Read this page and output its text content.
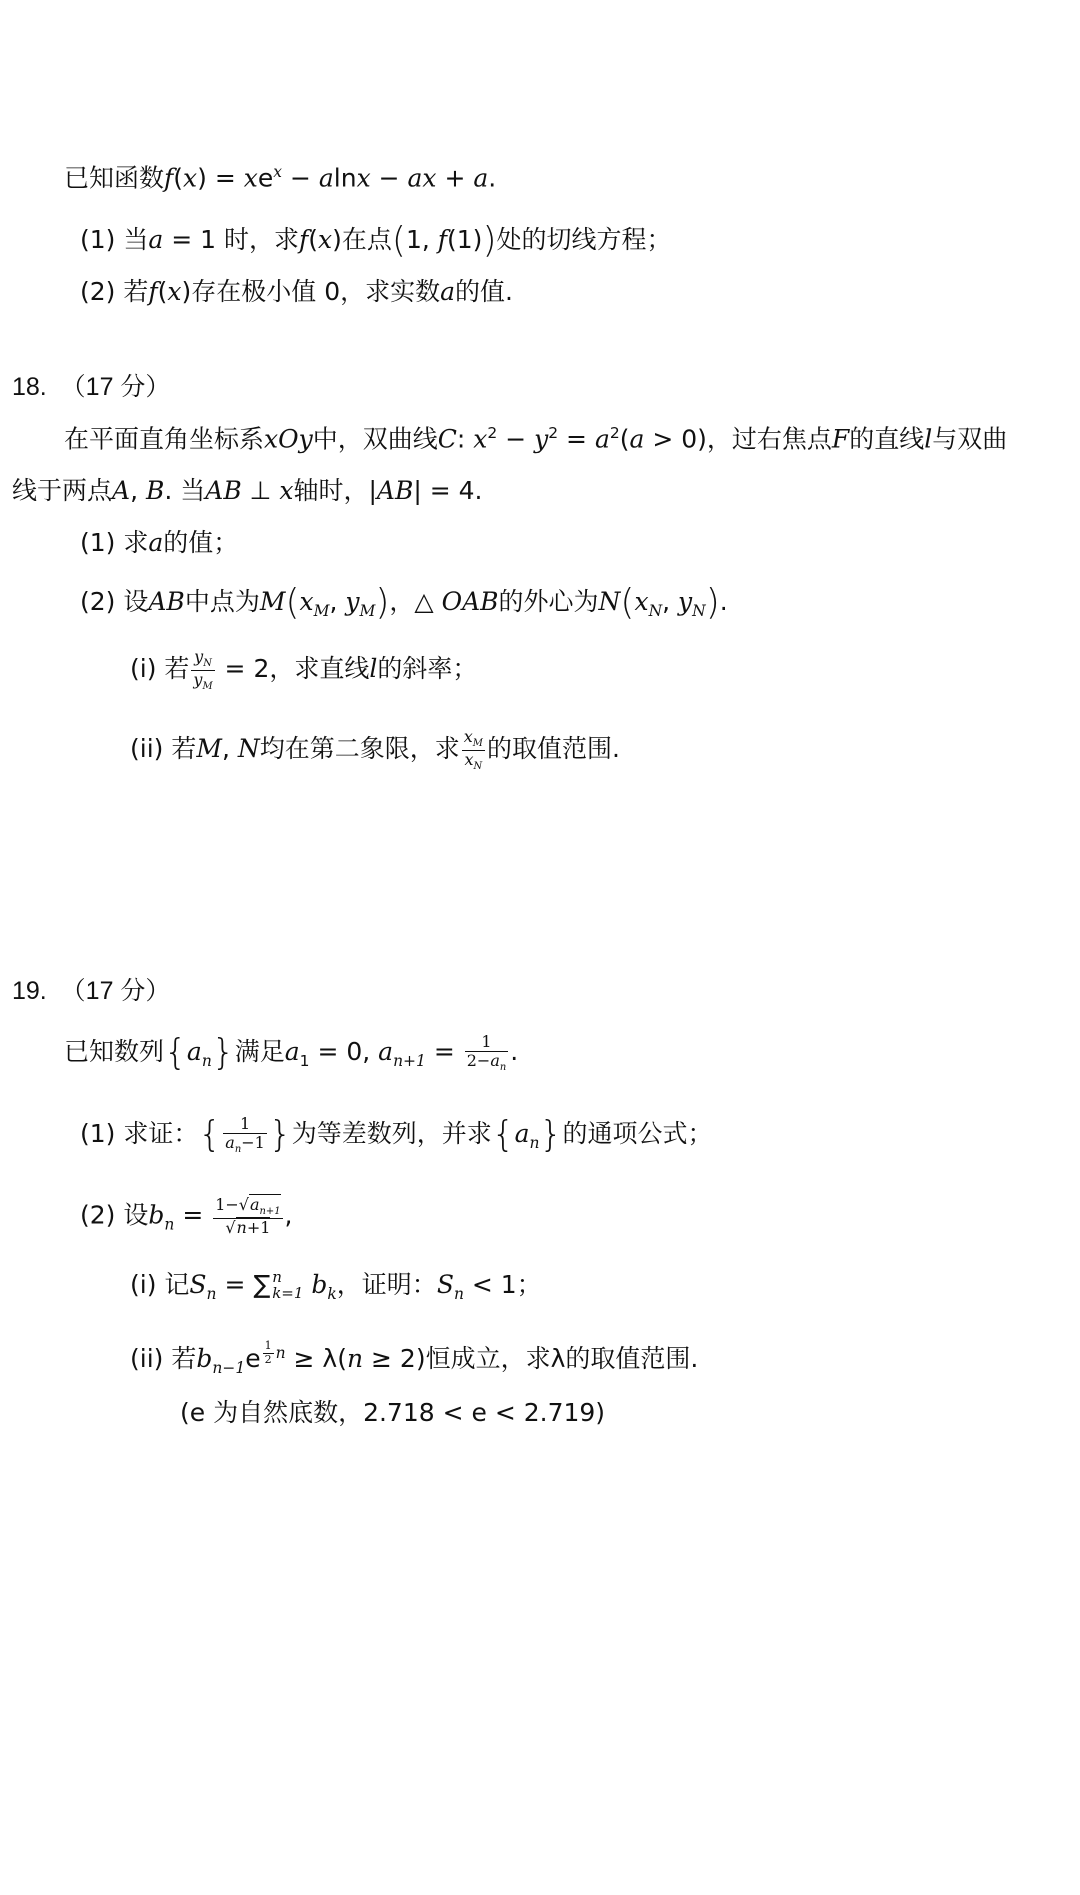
已知函数$f(x) = xe^x - alnx$ − ax + a.
(1) 当a = 1 时，求f(x)在点(1, f(1))处的切线方程；
(2) 若f(x)存在极小值 0，求实数a的值.
18. （17 分）
在平面直角坐标系xOy中，双曲线C: $x^2 - y^2 = a^2(a > 0)$，过右焦点F的直线l与双曲
线于两点A, B. 当AB ⊥ x轴时，|AB| = 4.
(1) 求a的值；
(2) 设AB中点为$M(x_M$, $y_M$)，△ OAB的外心为$N(x_N$, $y_N$).
(i) 若 $\frac{y_N}{y_M} = 2$，求直线l的斜率；
(ii) 若M, N均在第二象限，求 $\frac{x_M}{x_N}$ 的取值范围.
19. （17 分）
已知数列$\{a_n\}$满足$a_1 = 0$, $a_{n+1} = \frac{1}{2-a_n}$ .
(1) 求证：{ $\frac{1}{a_n-1}$ }为等差数列，并求$\{a_n\}$的通项公式；
(2) 设$b_n = \frac{1-√a_{n+1}}{√n+1}$ ,
(i) 记$S_n$ = ∑ n
k=1 $b_k$，证明：$S_n < 1$；
(ii) 若$b_{n-1}e$ $^{\frac{1}{2} n}$ ≥ λ(n ≥ 2)恒成立，求λ的取值范围.
(e 为自然底数，2.718 < e < 2.719)
